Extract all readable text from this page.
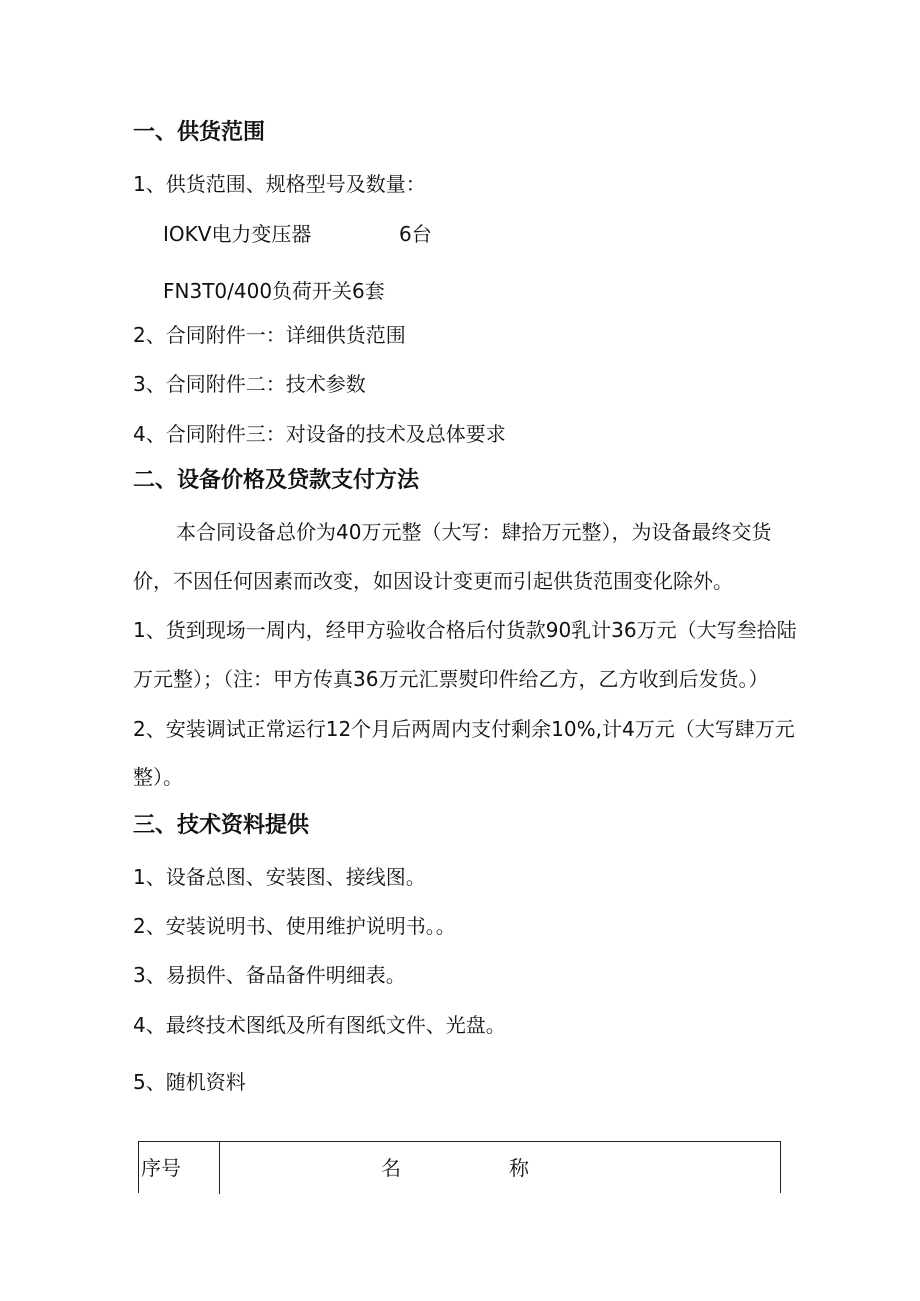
一、供货范围
1、供货范围、规格型号及数量：
IOKV电力变压器	6台
FN3T0/400负荷开关6套
2、合同附件一：详细供货范围
3、合同附件二：技术参数
4、合同附件三：对设备的技术及总体要求
二、设备价格及贷款支付方法
本合同设备总价为40万元整（大写：肆拾万元整），为设备最终交货
价，不因任何因素而改变，如因设计变更而引起供货范围变化除外。
1、货到现场一周内，经甲方验收合格后付货款90乳计36万元（大写叁拾陆
万元整）；（注：甲方传真36万元汇票熨印件给乙方，乙方收到后发货。）
2、安装调试正常运行12个月后两周内支付剩余10%,计4万元（大写肆万元
整）。
三、技术资料提供
1、设备总图、安装图、接线图。
2、安装说明书、使用维护说明书。。
3、易损件、备品备件明细表。
4、最终技术图纸及所有图纸文件、光盘。
5、随机资料
序号	名	称
